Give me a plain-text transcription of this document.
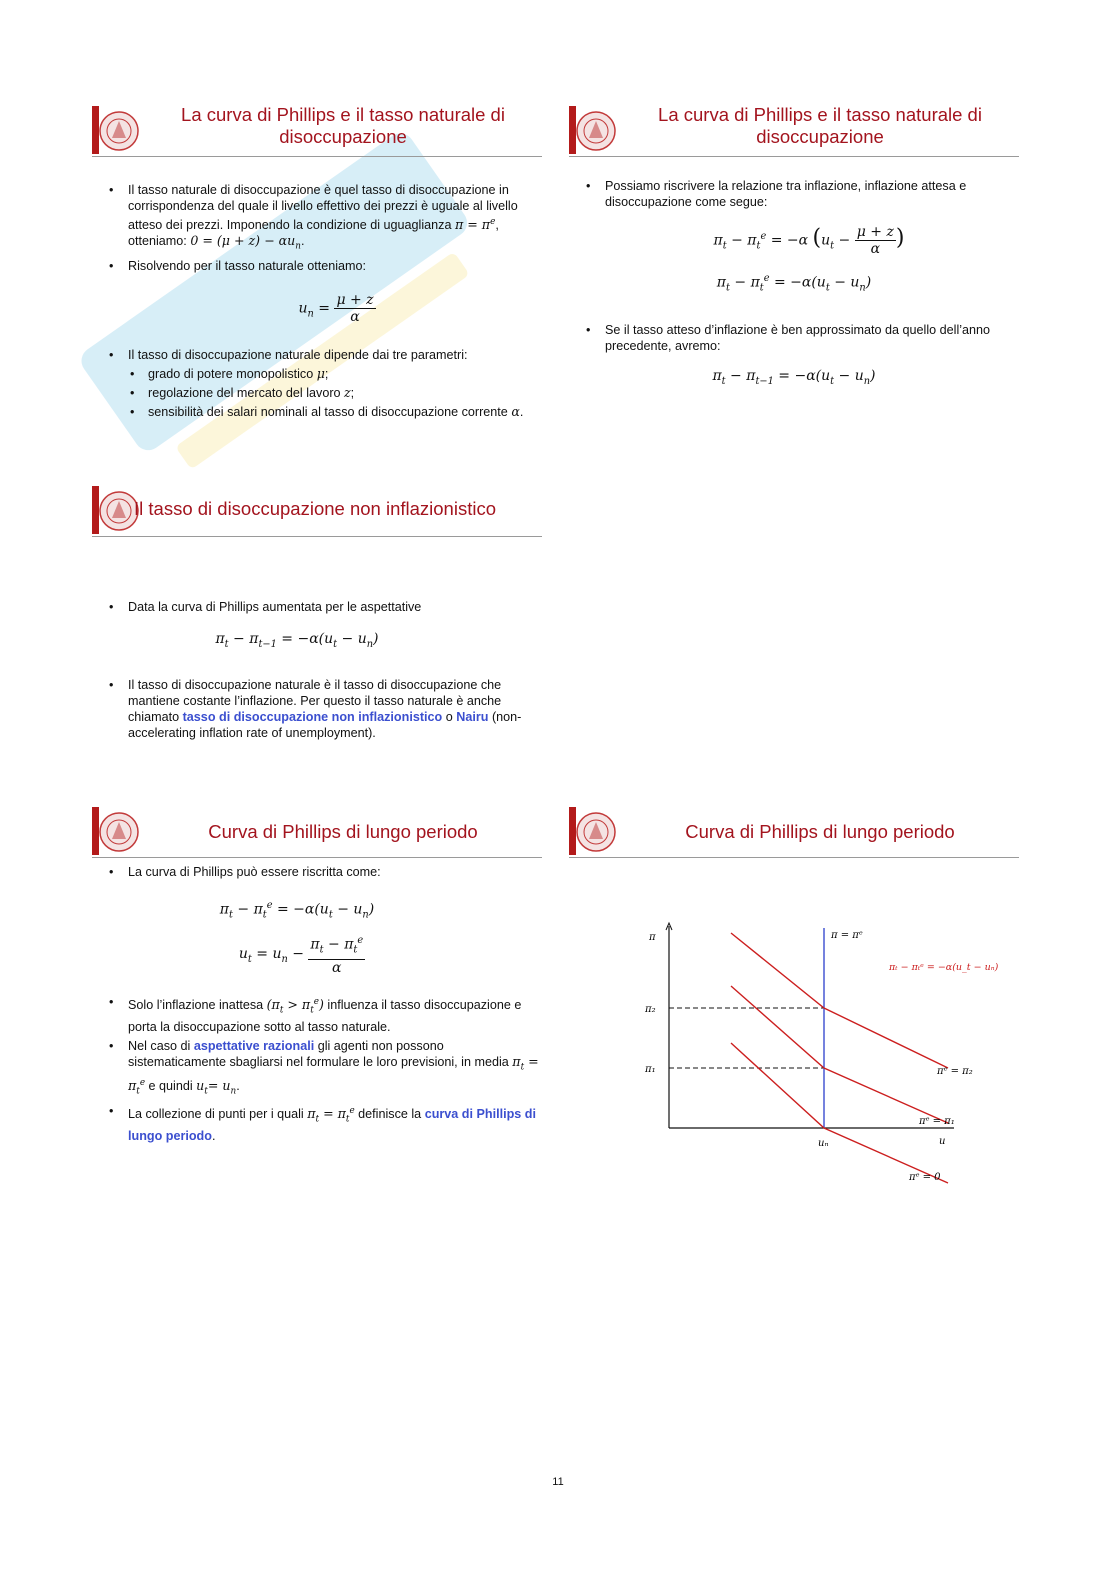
La curva di Phillips e il tasso naturale di disoccupazione
• Il tasso naturale di disoccupazione è quel tasso di disoccupazione in corrispondenza del quale il livello effettivo dei prezzi è uguale al livello atteso dei prezzi. Imponendo la condizione di uguaglianza $\pi = \pi^e$, otteniamo: $0 = (\mu + z) - \alpha u_n$.
• Risolvendo per il tasso naturale otteniamo:
$u_n = \frac{\mu + z}{\alpha}$
• Il tasso di disoccupazione naturale dipende dai tre parametri:
• grado di potere monopolistico μ;
• regolazione del mercato del lavoro z;
• sensibilità dei salari nominali al tasso di disoccupazione corrente α.
La curva di Phillips e il tasso naturale di disoccupazione
• Possiamo riscrivere la relazione tra inflazione, inflazione attesa e disoccupazione come segue:
$\pi_t - \pi_t^e = -\alpha$ ($u_t - \frac{\mu + z}{\alpha}$ )
$\pi_t - \pi_t^e = -\alpha(u_t - u_n)$
• Se il tasso atteso d’inflazione è ben approssimato da quello dell’anno precedente, avremo:
$\pi_t - \pi_{t-1} = -\alpha(u_t - u_n)$
Il tasso di disoccupazione non inflazionistico
• Data la curva di Phillips aumentata per le aspettative
$\pi_t - \pi_{t-1} = -\alpha(u_t - u_n)$
• Il tasso di disoccupazione naturale è il tasso di disoccupazione che mantiene costante l’inflazione. Per questo il tasso naturale è anche chiamato tasso di disoccupazione non inflazionistico o Nairu (non-accelerating inflation rate of unemployment).
Curva di Phillips di lungo periodo
• La curva di Phillips può essere riscritta come:
$\pi_t - \pi_t^e = -\alpha(u_t - u_n)$
$u_t = u_n - \frac{\pi_t - \pi_t^e}{\alpha}$
• Solo l’inflazione inattesa $(\pi_t > \pi_t^e)$ influenza il tasso disoccupazione e porta la disoccupazione sotto al tasso naturale.
• Nel caso di aspettative razionali gli agenti non possono sistematicamente sbagliarsi nel formulare le loro previsioni, in media $\pi_t = \pi_t^e$ e quindi $u_t= u_n$.
• La collezione di punti per i quali $\pi_t = \pi_t^e$ definisce la curva di Phillips di lungo periodo.
Curva di Phillips di lungo periodo
π
u
uₙ
π₁
π₂
π = πᵉ
πₜ − πₜᵉ = −α(u_t − uₙ)
πᵉ = 0
πᵉ = π₁
πᵉ = π₂
11
